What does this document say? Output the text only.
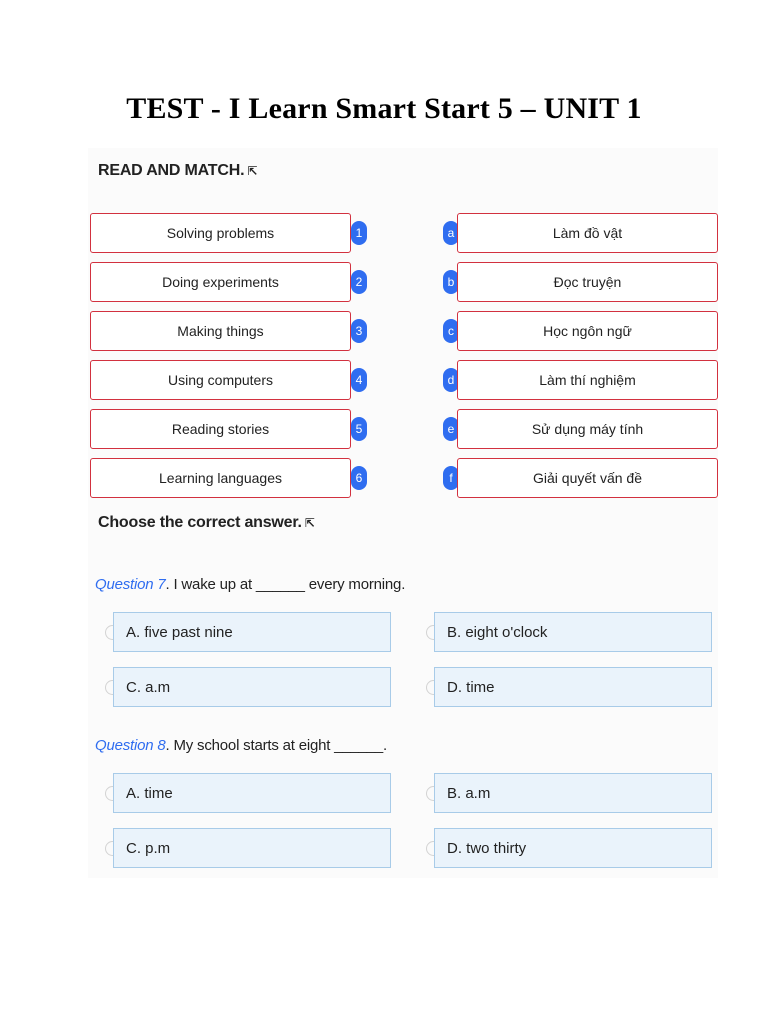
TEST - I Learn Smart Start 5 – UNIT 1
READ AND MATCH. ⇱
Solving problems	1	a	Làm đồ vật
Doing experiments	2	b	Đọc truyện
Making things	3	c	Học ngôn ngữ
Using computers	4	d	Làm thí nghiệm
Reading stories	5	e	Sử dụng máy tính
Learning languages	6	f	Giải quyết vấn đề
Choose the correct answer. ⇱

Question 7. I wake up at ______ every morning.

A. five past nine	B. eight o'clock
C. a.m	D. time

Question 8. My school starts at eight ______.

A. time	B. a.m
C. p.m	D. two thirty
